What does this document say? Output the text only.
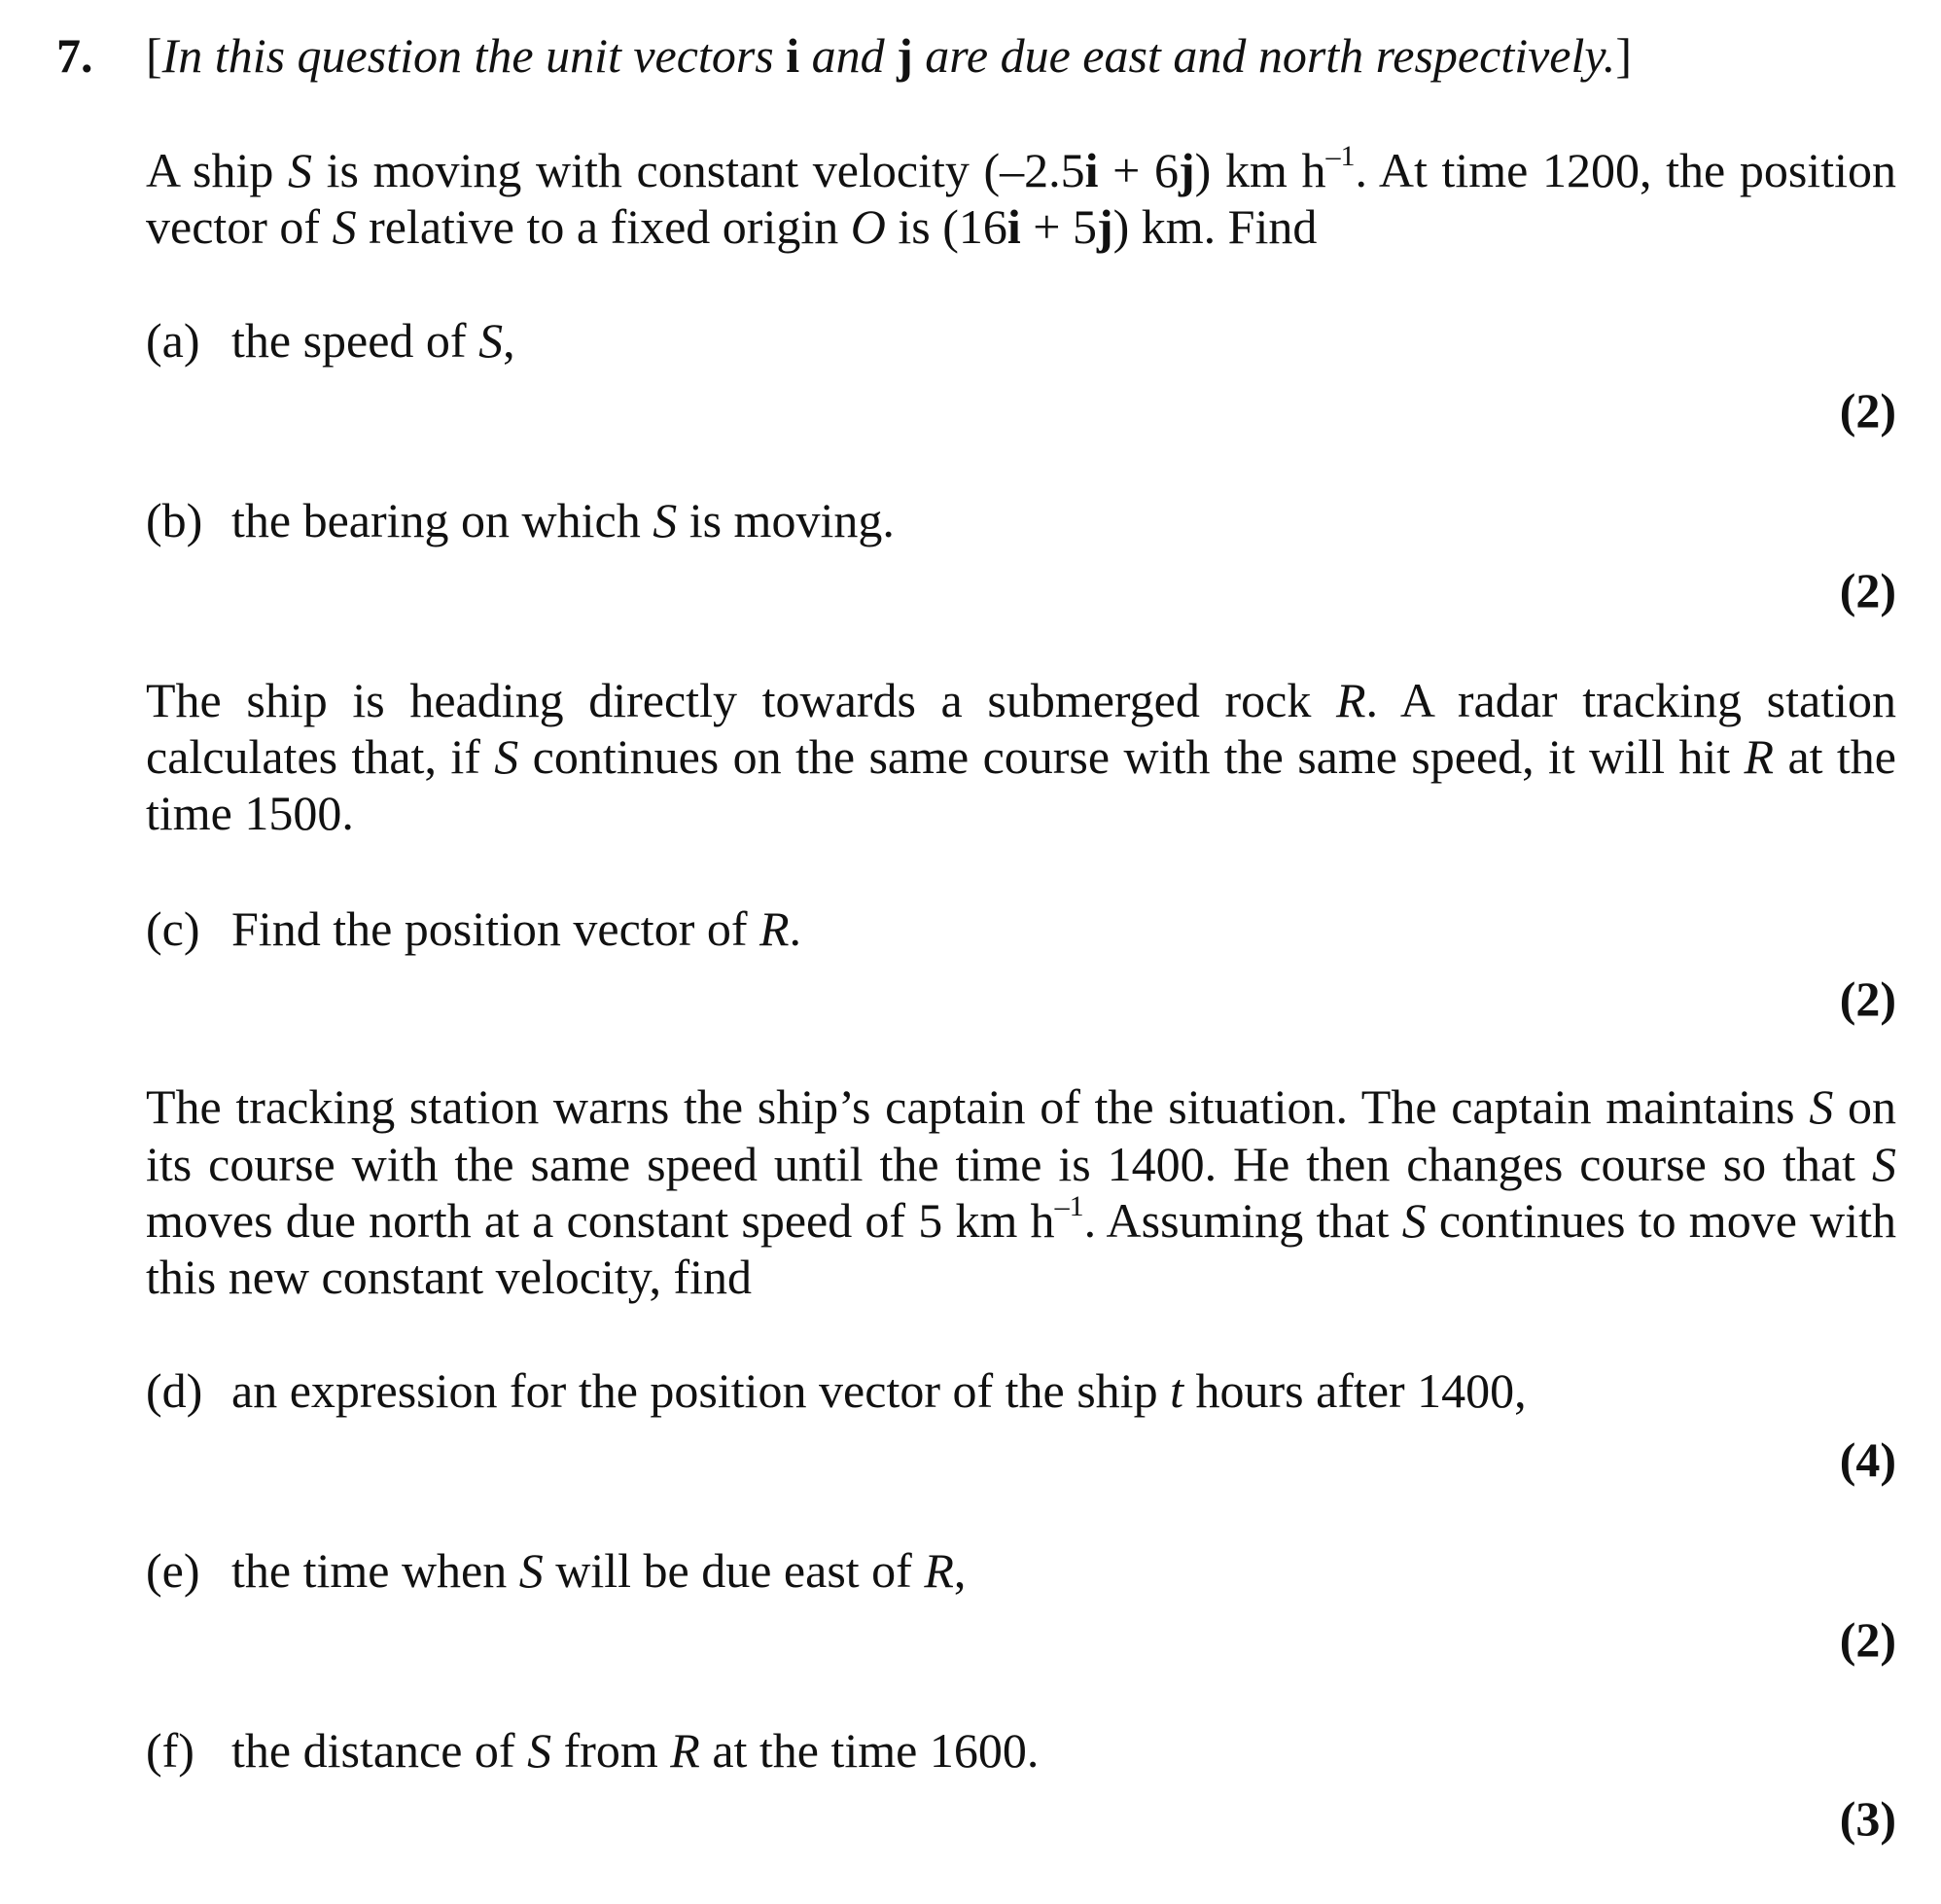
7. [In this question the unit vectors i and j are due east and north respectively.]
A ship S is moving with constant velocity (–2.5i + 6j) km $h^{-1}$. At time 1200, the position
vector of S relative to a fixed origin O is (16i + 5j) km. Find
(a) the speed of S,
(2)
(b) the bearing on which S is moving.
(2)
The ship is heading directly towards a submerged rock R. A radar tracking station
calculates that, if S continues on the same course with the same speed, it will hit R at the
time 1500.
(c) Find the position vector of R.
(2)
The tracking station warns the ship’s captain of the situation. The captain maintains S on
its course with the same speed until the time is 1400. He then changes course so that S
moves due north at a constant speed of 5 km $h^{-1}$. Assuming that S continues to move with
this new constant velocity, find
(d) an expression for the position vector of the ship t hours after 1400,
(4)
(e) the time when S will be due east of R,
(2)
(f) the distance of S from R at the time 1600.
(3)
